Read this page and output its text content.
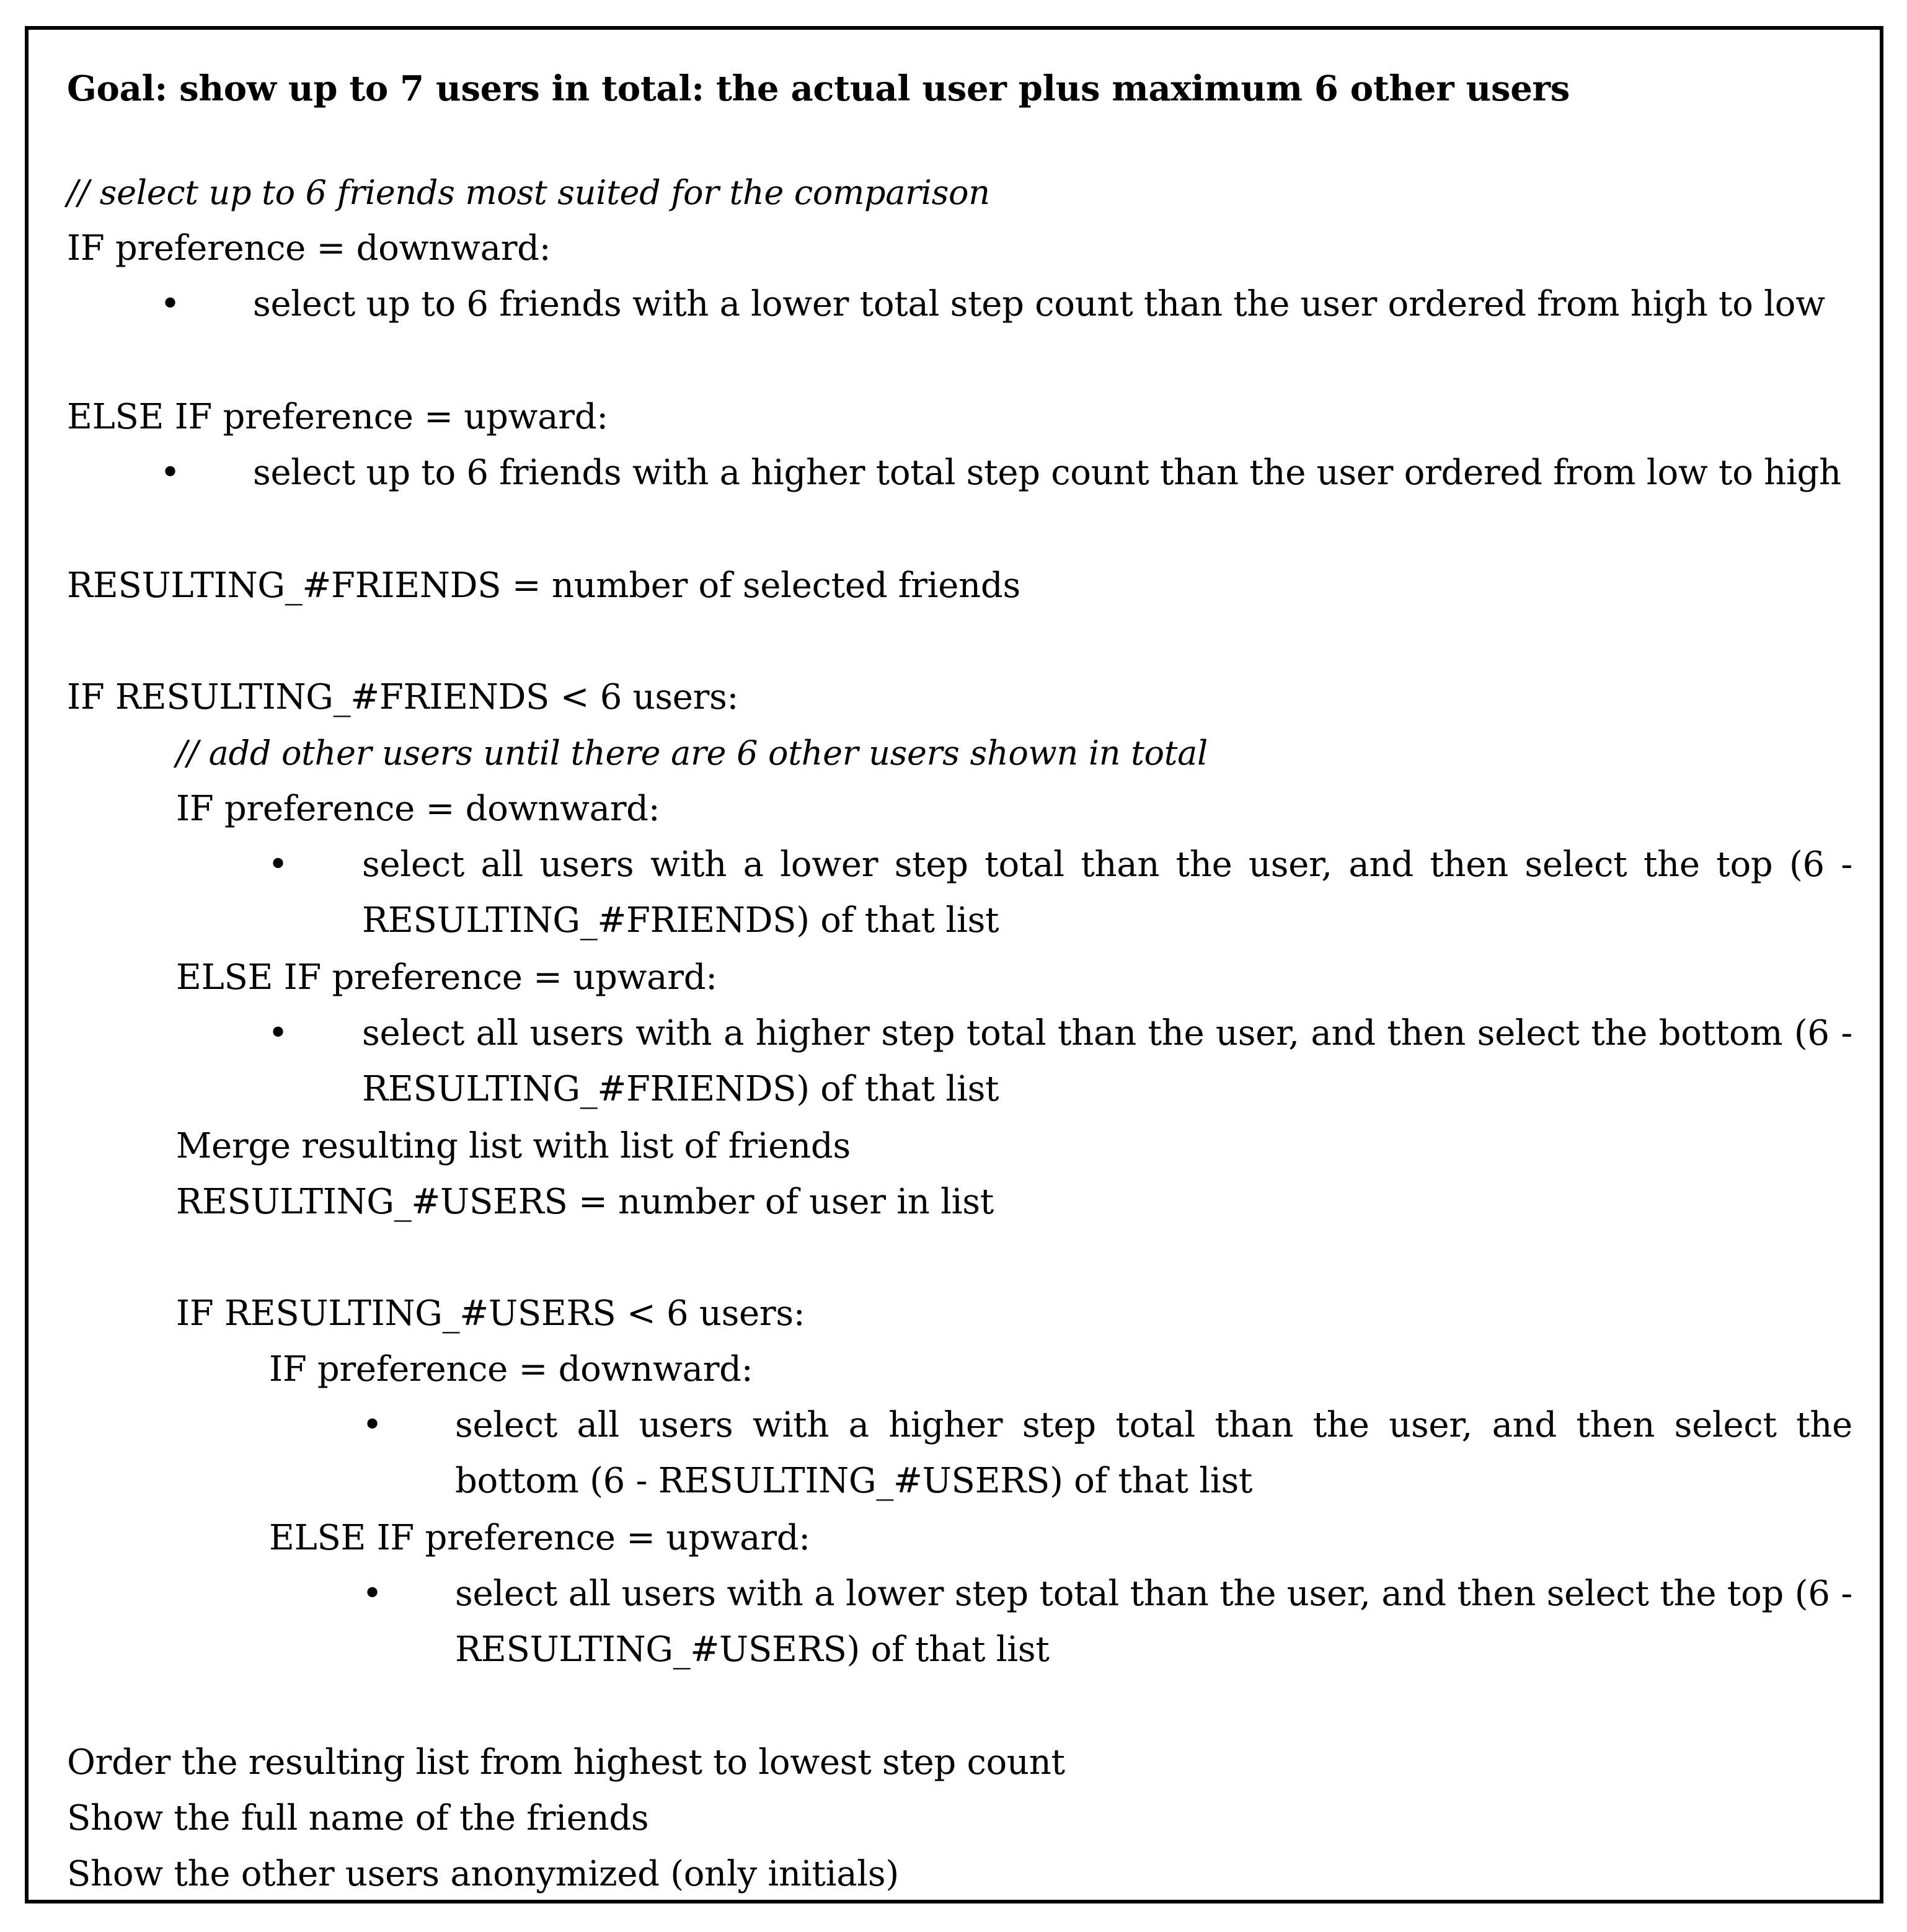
Goal: show up to 7 users in total: the actual user plus maximum 6 other users
// select up to 6 friends most suited for the comparison
IF preference = downward:
• select up to 6 friends with a lower total step count than the user ordered from high to low
ELSE IF preference = upward:
• select up to 6 friends with a higher total step count than the user ordered from low to high
RESULTING_#FRIENDS = number of selected friends
IF RESULTING_#FRIENDS < 6 users:
// add other users until there are 6 other users shown in total
IF preference = downward:
• select all users with a lower step total than the user, and then select the top (6 - RESULTING_#FRIENDS) of that list
ELSE IF preference = upward:
• select all users with a higher step total than the user, and then select the bottom (6 - RESULTING_#FRIENDS) of that list
Merge resulting list with list of friends
RESULTING_#USERS = number of user in list
IF RESULTING_#USERS < 6 users:
IF preference = downward:
• select all users with a higher step total than the user, and then select the bottom (6 - RESULTING_#USERS) of that list
ELSE IF preference = upward:
• select all users with a lower step total than the user, and then select the top (6 - RESULTING_#USERS) of that list
Order the resulting list from highest to lowest step count
Show the full name of the friends
Show the other users anonymized (only initials)
